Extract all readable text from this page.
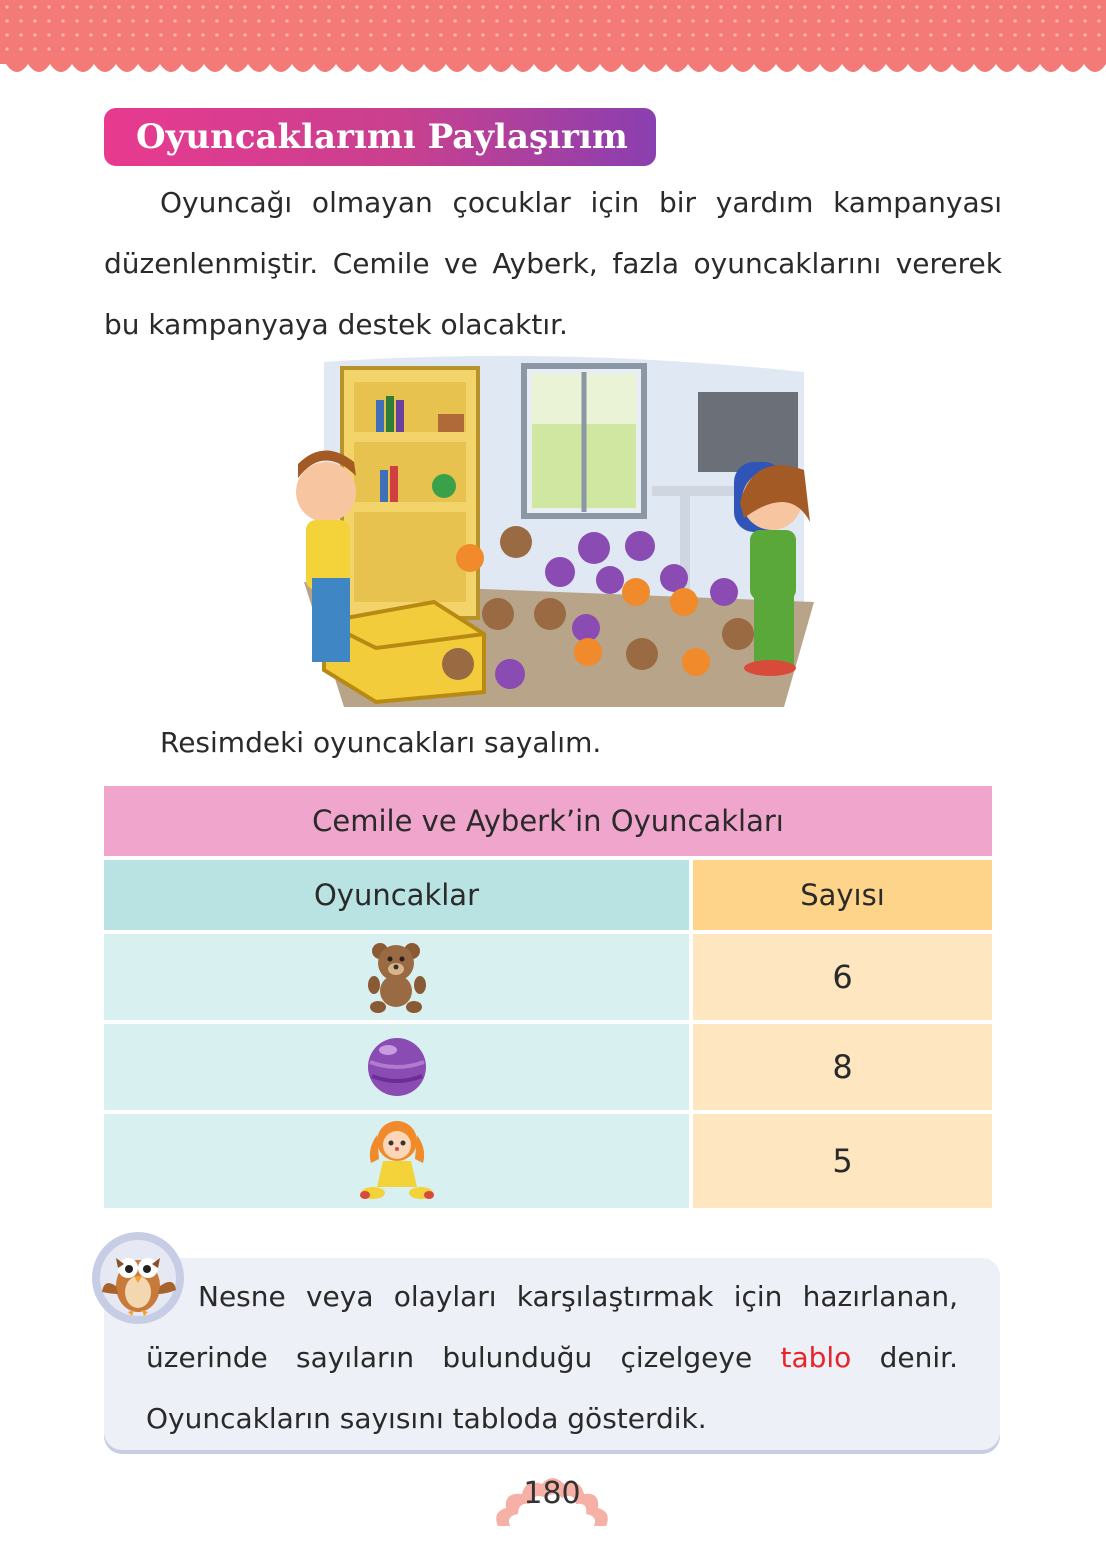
Oyuncaklarımı Paylaşırım

Oyuncağı olmayan çocuklar için bir yardım kampanyası düzenlenmiştir. Cemile ve Ayberk, fazla oyuncaklarını vererek bu kampanyaya destek olacaktır.

Resimdeki oyuncakları sayalım.

Cemile ve Ayberk’in Oyuncakları
Oyuncaklar	Sayısı
6
8
5

Nesne veya olayları karşılaştırmak için hazırlanan, üzerinde sayıların bulunduğu çizelgeye tablo denir. Oyuncakların sayısını tabloda gösterdik.

180
